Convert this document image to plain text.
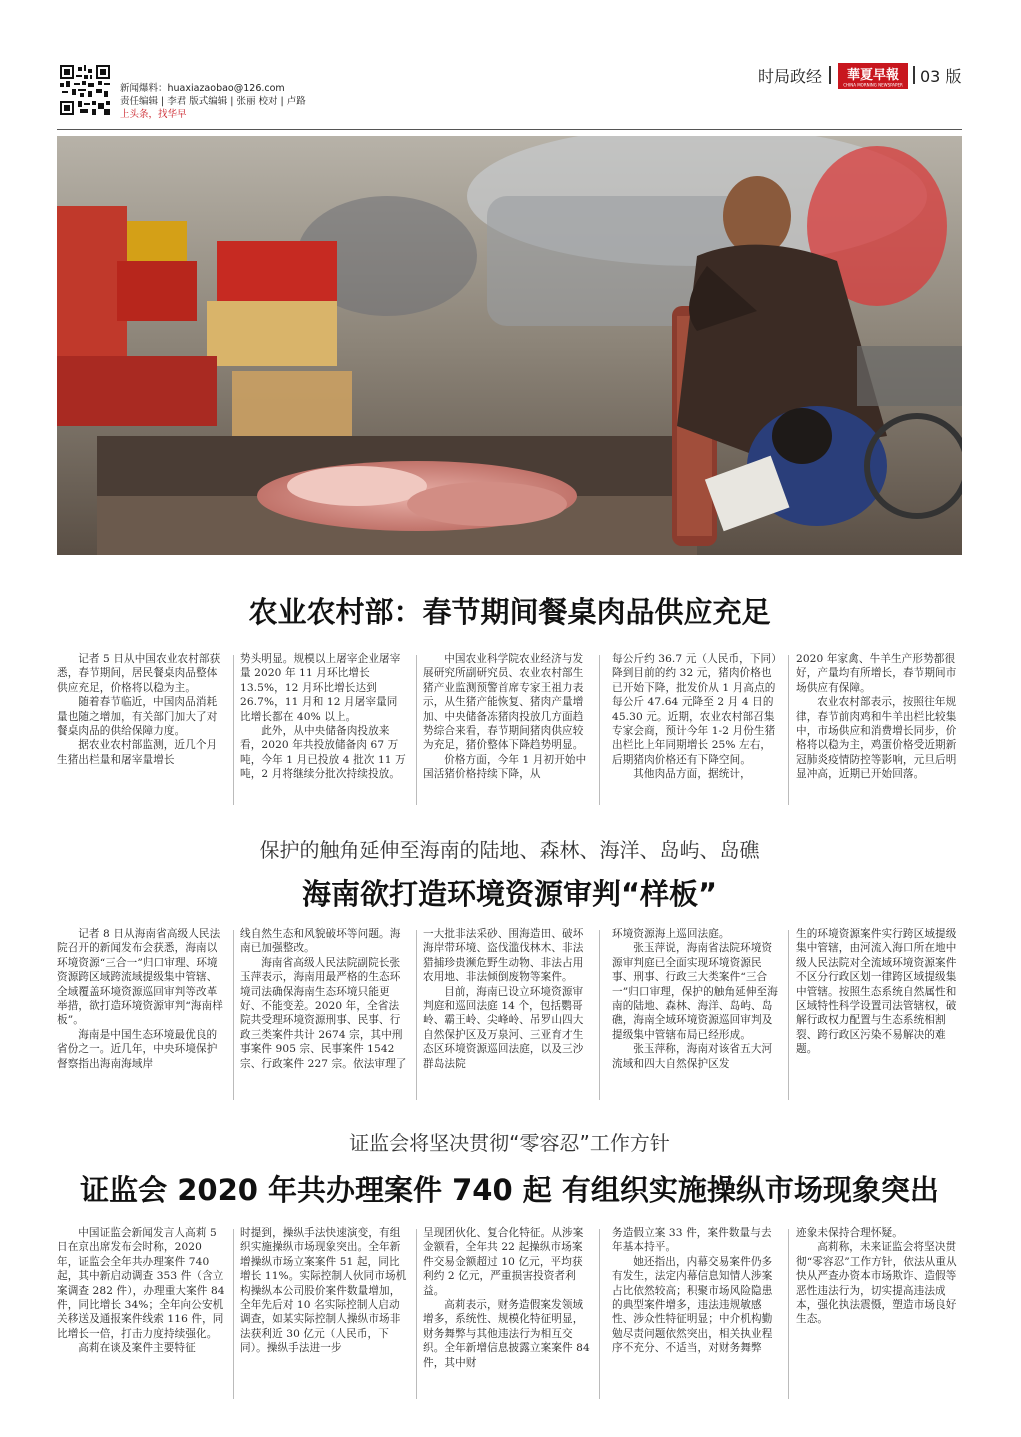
新闻爆料：huaxiazaobao@126.com
责任编辑 | 李君 版式编辑 | 张丽 校对 | 卢路
上头条，找华早
时局政经 華夏早報
CHINA MORNING NEWSPAPER 03 版
农业农村部：春节期间餐桌肉品供应充足

记者 5 日从中国农业农村部获悉，春节期间，居民餐桌肉品整体供应充足，价格将以稳为主。

随着春节临近，中国肉品消耗量也随之增加，有关部门加大了对餐桌肉品的供给保障力度。

据农业农村部监测，近几个月生猪出栏量和屠宰量增长

势头明显。规模以上屠宰企业屠宰量 2020 年 11 月环比增长 13.5%，12 月环比增长达到 26.7%，11 月和 12 月屠宰量同比增长都在 40% 以上。

此外，从中央储备肉投放来看，2020 年共投放储备肉 67 万吨，今年 1 月已投放 4 批次 11 万吨，2 月将继续分批次持续投放。

中国农业科学院农业经济与发展研究所副研究员、农业农村部生猪产业监测预警首席专家王祖力表示，从生猪产能恢复、猪肉产量增加、中央储备冻猪肉投放几方面趋势综合来看，春节期间猪肉供应较为充足，猪价整体下降趋势明显。

价格方面，今年 1 月初开始中国活猪价格持续下降，从

每公斤约 36.7 元（人民币，下同）降到目前的约 32 元，猪肉价格也已开始下降，批发价从 1 月高点的每公斤 47.64 元降至 2 月 4 日的 45.30 元。近期，农业农村部召集专家会商，预计今年 1-2 月份生猪出栏比上年同期增长 25% 左右，后期猪肉价格还有下降空间。

其他肉品方面，据统计，

2020 年家禽、牛羊生产形势都很好，产量均有所增长，春节期间市场供应有保障。

农业农村部表示，按照往年规律，春节前肉鸡和牛羊出栏比较集中，市场供应和消费增长同步，价格将以稳为主，鸡蛋价格受近期新冠肺炎疫情防控等影响，元旦后明显冲高，近期已开始回落。

保护的触角延伸至海南的陆地、森林、海洋、岛屿、岛礁
海南欲打造环境资源审判“样板”

记者 8 日从海南省高级人民法院召开的新闻发布会获悉，海南以环境资源“三合一”归口审理、环境资源跨区域跨流域提级集中管辖、全域覆盖环境资源巡回审判等改革举措，欲打造环境资源审判“海南样板”。

海南是中国生态环境最优良的省份之一。近几年，中央环境保护督察指出海南海域岸

线自然生态和风貌破坏等问题。海南已加强整改。

海南省高级人民法院副院长张玉萍表示，海南用最严格的生态环境司法确保海南生态环境只能更好、不能变差。2020 年，全省法院共受理环境资源刑事、民事、行政三类案件共计 2674 宗，其中刑事案件 905 宗、民事案件 1542 宗、行政案件 227 宗。依法审理了

一大批非法采砂、围海造田、破坏海岸带环境、盗伐滥伐林木、非法猎捕珍贵濒危野生动物、非法占用农用地、非法倾倒废物等案件。

目前，海南已设立环境资源审判庭和巡回法庭 14 个，包括鹦哥岭、霸王岭、尖峰岭、吊罗山四大自然保护区及万泉河、三亚育才生态区环境资源巡回法庭，以及三沙群岛法院

环境资源海上巡回法庭。

张玉萍说，海南省法院环境资源审判庭已全面实现环境资源民事、刑事、行政三大类案件“三合一”归口审理，保护的触角延伸至海南的陆地、森林、海洋、岛屿、岛礁，海南全域环境资源巡回审判及提级集中管辖布局已经形成。

张玉萍称，海南对该省五大河流域和四大自然保护区发

生的环境资源案件实行跨区域提级集中管辖，由河流入海口所在地中级人民法院对全流域环境资源案件不区分行政区划一律跨区域提级集中管辖。按照生态系统自然属性和区域特性科学设置司法管辖权，破解行政权力配置与生态系统相割裂、跨行政区污染不易解决的难题。

证监会将坚决贯彻“零容忍”工作方针
证监会 2020 年共办理案件 740 起 有组织实施操纵市场现象突出

中国证监会新闻发言人高莉 5 日在京出席发布会时称，2020 年，证监会全年共办理案件 740 起，其中新启动调查 353 件（含立案调查 282 件），办理重大案件 84 件，同比增长 34%；全年向公安机关移送及通报案件线索 116 件，同比增长一倍，打击力度持续强化。

高莉在谈及案件主要特征

时提到，操纵手法快速演变，有组织实施操纵市场现象突出。全年新增操纵市场立案案件 51 起，同比增长 11%。实际控制人伙同市场机构操纵本公司股价案件数量增加，全年先后对 10 名实际控制人启动调查，如某实际控制人操纵市场非法获利近 30 亿元（人民币，下同）。操纵手法进一步

呈现团伙化、复合化特征。从涉案金额看，全年共 22 起操纵市场案件交易金额超过 10 亿元，平均获利约 2 亿元，严重损害投资者利益。

高莉表示，财务造假案发领域增多，系统性、规模化特征明显，财务舞弊与其他违法行为相互交织。全年新增信息披露立案案件 84 件，其中财

务造假立案 33 件，案件数量与去年基本持平。

她还指出，内幕交易案件仍多有发生，法定内幕信息知情人涉案占比依然较高；积聚市场风险隐患的典型案件增多，违法违规敏感性、涉众性特征明显；中介机构勤勉尽责问题依然突出，相关执业程序不充分、不适当，对财务舞弊

迹象未保持合理怀疑。

高莉称，未来证监会将坚决贯彻“零容忍”工作方针，依法从重从快从严查办资本市场欺诈、造假等恶性违法行为，切实提高违法成本，强化执法震慑，塑造市场良好生态。
